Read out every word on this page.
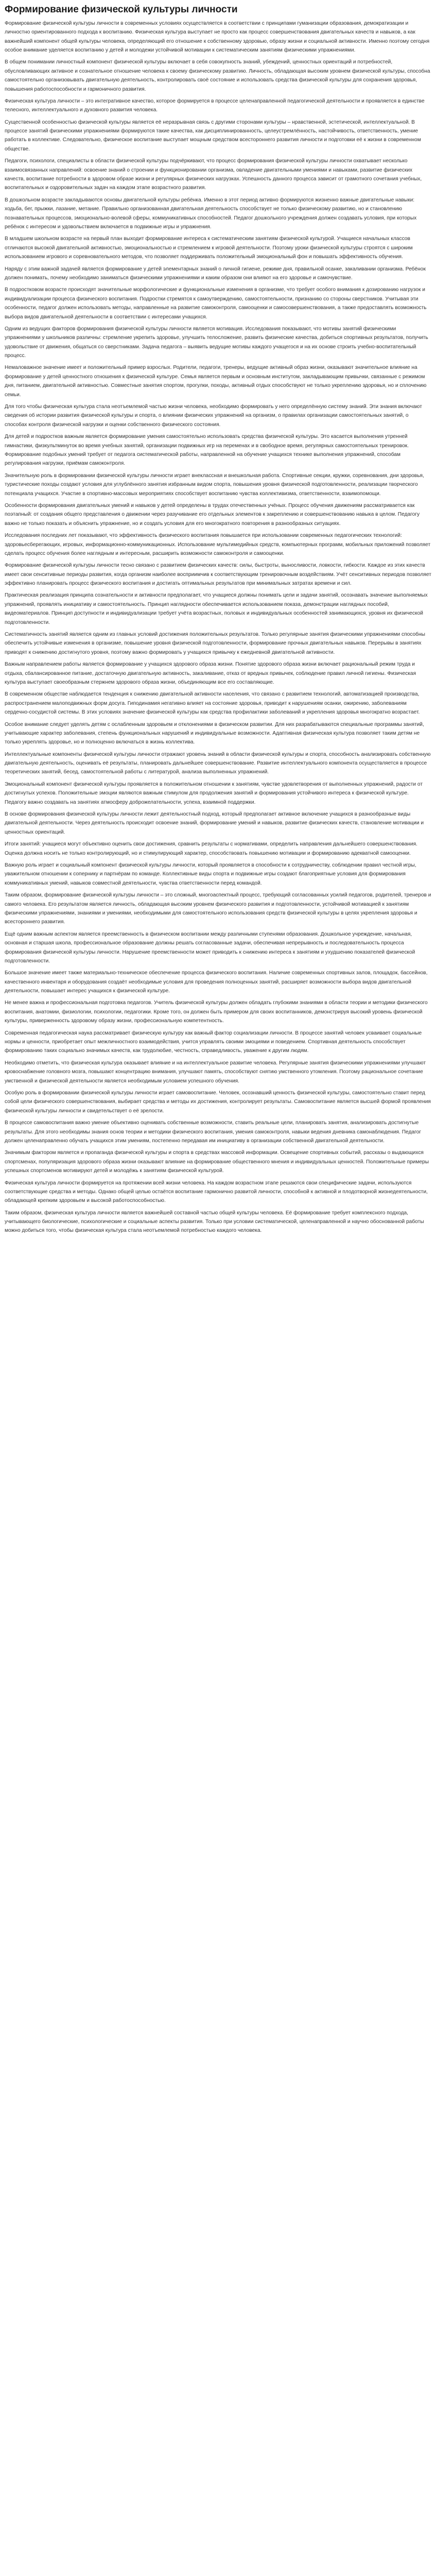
Формирование физической культуры личности

Формирование физической культуры личности в современных условиях осуществляется в соответствии с принципами гуманизации образования, демократизации и личностно ориентированного подхода к воспитанию. Физическая культура выступает не просто как процесс совершенствования двигательных качеств и навыков, а как важнейший компонент общей культуры человека, определяющий его отношение к собственному здоровью, образу жизни и социальной активности. Именно поэтому сегодня особое внимание уделяется воспитанию у детей и молодежи устойчивой мотивации к систематическим занятиям физическими упражнениями.

В общем понимании личностный компонент физической культуры включает в себя совокупность знаний, убеждений, ценностных ориентаций и потребностей, обусловливающих активное и сознательное отношение человека к своему физическому развитию. Личность, обладающая высоким уровнем физической культуры, способна самостоятельно организовывать двигательную деятельность, контролировать своё состояние и использовать средства физической культуры для сохранения здоровья, повышения работоспособности и гармоничного развития.

Физическая культура личности – это интегративное качество, которое формируется в процессе целенаправленной педагогической деятельности и проявляется в единстве телесного, интеллектуального и духовного развития человека.

Существенной особенностью физической культуры является её неразрывная связь с другими сторонами культуры – нравственной, эстетической, интеллектуальной. В процессе занятий физическими упражнениями формируются такие качества, как дисциплинированность, целеустремлённость, настойчивость, ответственность, умение работать в коллективе. Следовательно, физическое воспитание выступает мощным средством всестороннего развития личности и подготовки её к жизни в современном обществе.

Педагоги, психологи, специалисты в области физической культуры подчёркивают, что процесс формирования физической культуры личности охватывает несколько взаимосвязанных направлений: освоение знаний о строении и функционировании организма, овладение двигательными умениями и навыками, развитие физических качеств, воспитание потребности в здоровом образе жизни и регулярных физических нагрузках. Успешность данного процесса зависит от грамотного сочетания учебных, воспитательных и оздоровительных задач на каждом этапе возрастного развития.

В дошкольном возрасте закладываются основы двигательной культуры ребёнка. Именно в этот период активно формируются жизненно важные двигательные навыки: ходьба, бег, прыжки, лазание, метание. Правильно организованная двигательная деятельность способствует не только физическому развитию, но и становлению познавательных процессов, эмоционально-волевой сферы, коммуникативных способностей. Педагог дошкольного учреждения должен создавать условия, при которых ребёнок с интересом и удовольствием включается в подвижные игры и упражнения.

В младшем школьном возрасте на первый план выходит формирование интереса к систематическим занятиям физической культурой. Учащиеся начальных классов отличаются высокой двигательной активностью, эмоциональностью и стремлением к игровой деятельности. Поэтому уроки физической культуры строятся с широким использованием игрового и соревновательного методов, что позволяет поддерживать положительный эмоциональный фон и повышать эффективность обучения.

Наряду с этим важной задачей является формирование у детей элементарных знаний о личной гигиене, режиме дня, правильной осанке, закаливании организма. Ребёнок должен понимать, почему необходимо заниматься физическими упражнениями и каким образом они влияют на его здоровье и самочувствие.

В подростковом возрасте происходят значительные морфологические и функциональные изменения в организме, что требует особого внимания к дозированию нагрузок и индивидуализации процесса физического воспитания. Подростки стремятся к самоутверждению, самостоятельности, признанию со стороны сверстников. Учитывая эти особенности, педагог должен использовать методы, направленные на развитие самоконтроля, самооценки и самосовершенствования, а также предоставлять возможность выбора видов двигательной деятельности в соответствии с интересами учащихся.

Одним из ведущих факторов формирования физической культуры личности является мотивация. Исследования показывают, что мотивы занятий физическими упражнениями у школьников различны: стремление укрепить здоровье, улучшить телосложение, развить физические качества, добиться спортивных результатов, получить удовольствие от движения, общаться со сверстниками. Задача педагога – выявить ведущие мотивы каждого учащегося и на их основе строить учебно-воспитательный процесс.

Немаловажное значение имеет и положительный пример взрослых. Родители, педагоги, тренеры, ведущие активный образ жизни, оказывают значительное влияние на формирование у детей ценностного отношения к физической культуре. Семья является первым и основным институтом, закладывающим привычки, связанные с режимом дня, питанием, двигательной активностью. Совместные занятия спортом, прогулки, походы, активный отдых способствуют не только укреплению здоровья, но и сплочению семьи.

Для того чтобы физическая культура стала неотъемлемой частью жизни человека, необходимо формировать у него определённую систему знаний. Эти знания включают сведения об истории развития физической культуры и спорта, о влиянии физических упражнений на организм, о правилах организации самостоятельных занятий, о способах контроля физической нагрузки и оценки собственного физического состояния.

Для детей и подростков важным является формирование умения самостоятельно использовать средства физической культуры. Это касается выполнения утренней гимнастики, физкультминуток во время учебных занятий, организации подвижных игр на переменах и в свободное время, регулярных самостоятельных тренировок. Формирование подобных умений требует от педагога систематической работы, направленной на обучение учащихся технике выполнения упражнений, способам регулирования нагрузки, приёмам самоконтроля.

Значительную роль в формировании физической культуры личности играет внеклассная и внешкольная работа. Спортивные секции, кружки, соревнования, дни здоровья, туристические походы создают условия для углублённого занятия избранным видом спорта, повышения уровня физической подготовленности, реализации творческого потенциала учащихся. Участие в спортивно-массовых мероприятиях способствует воспитанию чувства коллективизма, ответственности, взаимопомощи.

Особенности формирования двигательных умений и навыков у детей определены в трудах отечественных учёных. Процесс обучения движениям рассматривается как поэтапный: от создания общего представления о движении через разучивание его отдельных элементов к закреплению и совершенствованию навыка в целом. Педагогу важно не только показать и объяснить упражнение, но и создать условия для его многократного повторения в разнообразных ситуациях.

Исследования последних лет показывают, что эффективность физического воспитания повышается при использовании современных педагогических технологий: здоровьесберегающих, игровых, информационно-коммуникационных. Использование мультимедийных средств, компьютерных программ, мобильных приложений позволяет сделать процесс обучения более наглядным и интересным, расширить возможности самоконтроля и самооценки.

Формирование физической культуры личности тесно связано с развитием физических качеств: силы, быстроты, выносливости, ловкости, гибкости. Каждое из этих качеств имеет свои сенситивные периоды развития, когда организм наиболее восприимчив к соответствующим тренировочным воздействиям. Учёт сенситивных периодов позволяет эффективно планировать процесс физического воспитания и достигать оптимальных результатов при минимальных затратах времени и сил.

Практическая реализация принципа сознательности и активности предполагает, что учащиеся должны понимать цели и задачи занятий, осознавать значение выполняемых упражнений, проявлять инициативу и самостоятельность. Принцип наглядности обеспечивается использованием показа, демонстрации наглядных пособий, видеоматериалов. Принцип доступности и индивидуализации требует учёта возрастных, половых и индивидуальных особенностей занимающихся, уровня их физической подготовленности.

Систематичность занятий является одним из главных условий достижения положительных результатов. Только регулярные занятия физическими упражнениями способны обеспечить устойчивые изменения в организме, повышение уровня физической подготовленности, формирование прочных двигательных навыков. Перерывы в занятиях приводят к снижению достигнутого уровня, поэтому важно формировать у учащихся привычку к ежедневной двигательной активности.

Важным направлением работы является формирование у учащихся здорового образа жизни. Понятие здорового образа жизни включает рациональный режим труда и отдыха, сбалансированное питание, достаточную двигательную активность, закаливание, отказ от вредных привычек, соблюдение правил личной гигиены. Физическая культура выступает своеобразным стержнем здорового образа жизни, объединяющим все его составляющие.

В современном обществе наблюдается тенденция к снижению двигательной активности населения, что связано с развитием технологий, автоматизацией производства, распространением малоподвижных форм досуга. Гиподинамия негативно влияет на состояние здоровья, приводит к нарушениям осанки, ожирению, заболеваниям сердечно-сосудистой системы. В этих условиях значение физической культуры как средства профилактики заболеваний и укрепления здоровья многократно возрастает.

Особое внимание следует уделять детям с ослабленным здоровьем и отклонениями в физическом развитии. Для них разрабатываются специальные программы занятий, учитывающие характер заболевания, степень функциональных нарушений и индивидуальные возможности. Адаптивная физическая культура позволяет таким детям не только укреплять здоровье, но и полноценно включаться в жизнь коллектива.

Интеллектуальные компоненты физической культуры личности отражают уровень знаний в области физической культуры и спорта, способность анализировать собственную двигательную деятельность, оценивать её результаты, планировать дальнейшее совершенствование. Развитие интеллектуального компонента осуществляется в процессе теоретических занятий, бесед, самостоятельной работы с литературой, анализа выполненных упражнений.

Эмоциональный компонент физической культуры проявляется в положительном отношении к занятиям, чувстве удовлетворения от выполненных упражнений, радости от достигнутых успехов. Положительные эмоции являются важным стимулом для продолжения занятий и формирования устойчивого интереса к физической культуре. Педагогу важно создавать на занятиях атмосферу доброжелательности, успеха, взаимной поддержки.

В основе формирования физической культуры личности лежит деятельностный подход, который предполагает активное включение учащихся в разнообразные виды двигательной деятельности. Через деятельность происходит освоение знаний, формирование умений и навыков, развитие физических качеств, становление мотивации и ценностных ориентаций.

Итоги занятий: учащиеся могут объективно оценить свои достижения, сравнить результаты с нормативами, определить направления дальнейшего совершенствования. Оценка должна носить не только контролирующий, но и стимулирующий характер, способствовать повышению мотивации и формированию адекватной самооценки.

Важную роль играет и социальный компонент физической культуры личности, который проявляется в способности к сотрудничеству, соблюдении правил честной игры, уважительном отношении к сопернику и партнёрам по команде. Коллективные виды спорта и подвижные игры создают благоприятные условия для формирования коммуникативных умений, навыков совместной деятельности, чувства ответственности перед командой.

Таким образом, формирование физической культуры личности – это сложный, многоаспектный процесс, требующий согласованных усилий педагогов, родителей, тренеров и самого человека. Его результатом является личность, обладающая высоким уровнем физического развития и подготовленности, устойчивой мотивацией к занятиям физическими упражнениями, знаниями и умениями, необходимыми для самостоятельного использования средств физической культуры в целях укрепления здоровья и всестороннего развития.

Ещё одним важным аспектом является преемственность в физическом воспитании между различными ступенями образования. Дошкольное учреждение, начальная, основная и старшая школа, профессиональное образование должны решать согласованные задачи, обеспечивая непрерывность и последовательность процесса формирования физической культуры личности. Нарушение преемственности может приводить к снижению интереса к занятиям и ухудшению показателей физической подготовленности.

Большое значение имеет также материально-техническое обеспечение процесса физического воспитания. Наличие современных спортивных залов, площадок, бассейнов, качественного инвентаря и оборудования создаёт необходимые условия для проведения полноценных занятий, расширяет возможности выбора видов двигательной деятельности, повышает интерес учащихся к физической культуре.

Не менее важна и профессиональная подготовка педагогов. Учитель физической культуры должен обладать глубокими знаниями в области теории и методики физического воспитания, анатомии, физиологии, психологии, педагогики. Кроме того, он должен быть примером для своих воспитанников, демонстрируя высокий уровень физической культуры, приверженность здоровому образу жизни, профессиональную компетентность.

Современная педагогическая наука рассматривает физическую культуру как важный фактор социализации личности. В процессе занятий человек усваивает социальные нормы и ценности, приобретает опыт межличностного взаимодействия, учится управлять своими эмоциями и поведением. Спортивная деятельность способствует формированию таких социально значимых качеств, как трудолюбие, честность, справедливость, уважение к другим людям.

Необходимо отметить, что физическая культура оказывает влияние и на интеллектуальное развитие человека. Регулярные занятия физическими упражнениями улучшают кровоснабжение головного мозга, повышают концентрацию внимания, улучшают память, способствуют снятию умственного утомления. Поэтому рациональное сочетание умственной и физической деятельности является необходимым условием успешного обучения.

Особую роль в формировании физической культуры личности играет самовоспитание. Человек, осознавший ценность физической культуры, самостоятельно ставит перед собой цели физического совершенствования, выбирает средства и методы их достижения, контролирует результаты. Самовоспитание является высшей формой проявления физической культуры личности и свидетельствует о её зрелости.

В процессе самовоспитания важно умение объективно оценивать собственные возможности, ставить реальные цели, планировать занятия, анализировать достигнутые результаты. Для этого необходимы знания основ теории и методики физического воспитания, умения самоконтроля, навыки ведения дневника самонаблюдения. Педагог должен целенаправленно обучать учащихся этим умениям, постепенно передавая им инициативу в организации собственной двигательной деятельности.

Значимым фактором является и пропаганда физической культуры и спорта в средствах массовой информации. Освещение спортивных событий, рассказы о выдающихся спортсменах, популяризация здорового образа жизни оказывают влияние на формирование общественного мнения и индивидуальных ценностей. Положительные примеры успешных спортсменов мотивируют детей и молодёжь к занятиям физической культурой.

Физическая культура личности формируется на протяжении всей жизни человека. На каждом возрастном этапе решаются свои специфические задачи, используются соответствующие средства и методы. Однако общей целью остаётся воспитание гармонично развитой личности, способной к активной и плодотворной жизнедеятельности, обладающей крепким здоровьем и высокой работоспособностью.

Таким образом, физическая культура личности является важнейшей составной частью общей культуры человека. Её формирование требует комплексного подхода, учитывающего биологические, психологические и социальные аспекты развития. Только при условии систематической, целенаправленной и научно обоснованной работы можно добиться того, чтобы физическая культура стала неотъемлемой потребностью каждого человека.
